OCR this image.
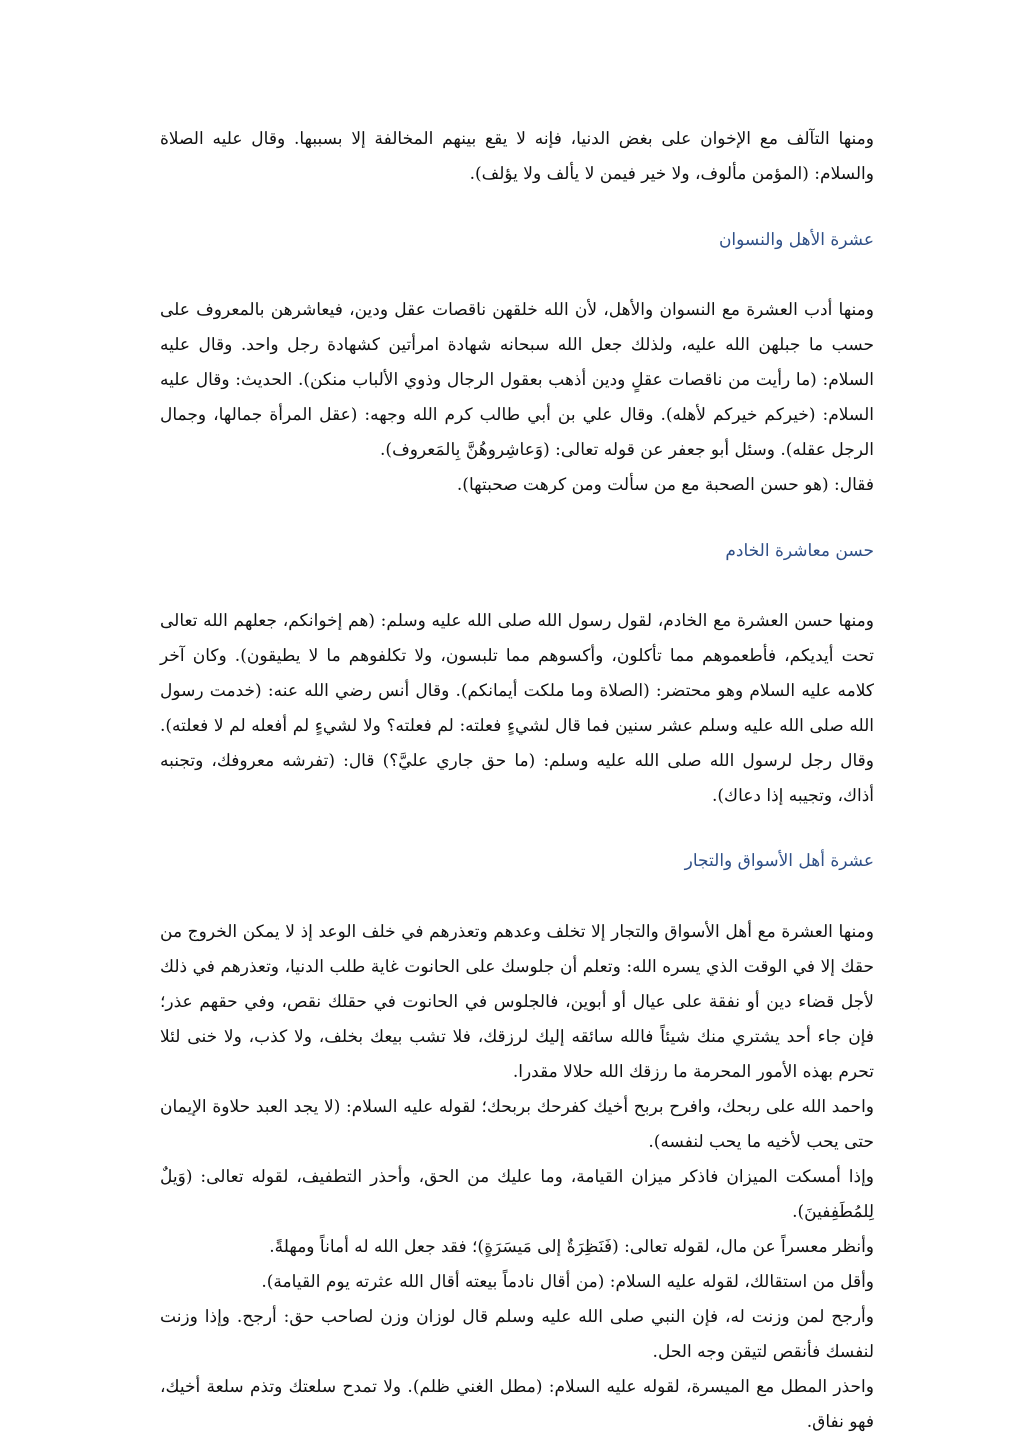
ومنها التآلف مع الإخوان على بغض الدنيا، فإنه لا يقع بينهم المخالفة إلا بسببها. وقال عليه الصلاة والسلام: (المؤمن مألوف، ولا خير فيمن لا يألف ولا يؤلف).

عشرة الأهل والنسوان

ومنها أدب العشرة مع النسوان والأهل، لأن الله خلقهن ناقصات عقل ودين، فيعاشرهن بالمعروف على حسب ما جبلهن الله عليه، ولذلك جعل الله سبحانه شهادة امرأتين كشهادة رجل واحد. وقال عليه السلام: (ما رأيت من ناقصات عقلٍ ودين أذهب بعقول الرجال وذوي الألباب منكن). الحديث: وقال عليه السلام: (خيركم خيركم لأهله). وقال علي بن أبي طالب كرم الله وجهه: (عقل المرأة جمالها، وجمال الرجل عقله). وسئل أبو جعفر عن قوله تعالى: (وَعاشِروهُنَّ بِالمَعروف).

فقال: (هو حسن الصحبة مع من سألت ومن كرهت صحبتها).

حسن معاشرة الخادم

ومنها حسن العشرة مع الخادم، لقول رسول الله صلى الله عليه وسلم: (هم إخوانكم، جعلهم الله تعالى تحت أيديكم، فأطعموهم مما تأكلون، وأكسوهم مما تلبسون، ولا تكلفوهم ما لا يطيقون). وكان آخر كلامه عليه السلام وهو محتضر: (الصلاة وما ملكت أيمانكم). وقال أنس رضي الله عنه: (خدمت رسول الله صلى الله عليه وسلم عشر سنين فما قال لشيءٍ فعلته: لم فعلته؟ ولا لشيءٍ لم أفعله لم لا فعلته). وقال رجل لرسول الله صلى الله عليه وسلم: (ما حق جاري عليَّ؟) قال: (تفرشه معروفك، وتجنبه أذاك، وتجيبه إذا دعاك).

عشرة أهل الأسواق والتجار

ومنها العشرة مع أهل الأسواق والتجار إلا تخلف وعدهم وتعذرهم في خلف الوعد إذ لا يمكن الخروج من حقك إلا في الوقت الذي يسره الله: وتعلم أن جلوسك على الحانوت غاية طلب الدنيا، وتعذرهم في ذلك لأجل قضاء دين أو نفقة على عيال أو أبوين، فالجلوس في الحانوت في حقلك نقص، وفي حقهم عذر؛ فإن جاء أحد يشتري منك شيئاً فالله سائقه إليك لرزقك، فلا تشب بيعك بخلف، ولا كذب، ولا خنى لئلا تحرم بهذه الأمور المحرمة ما رزقك الله حلالا مقدرا.

واحمد الله على ربحك، وافرح بربح أخيك كفرحك بربحك؛ لقوله عليه السلام: (لا يجد العبد حلاوة الإيمان حتى يحب لأخيه ما يحب لنفسه).

وإذا أمسكت الميزان فاذكر ميزان القيامة، وما عليك من الحق، وأحذر التطفيف، لقوله تعالى: (وَيلٌ لِلمُطَفِفينَ).

وأنظر معسراً عن مال، لقوله تعالى: (فَنَظِرَةٌ إلى مَيسَرَةٍ)؛ فقد جعل الله له أماناً ومهلةً.

وأقل من استقالك، لقوله عليه السلام: (من أقال نادماً بيعته أقال الله عثرته يوم القيامة).

وأرجح لمن وزنت له، فإن النبي صلى الله عليه وسلم قال لوزان وزن لصاحب حق: أرجح. وإذا وزنت لنفسك فأنقص لتيقن وجه الحل.

واحذر المطل مع الميسرة، لقوله عليه السلام: (مطل الغني ظلم). ولا تمدح سلعتك وتذم سلعة أخيك، فهو نفاق.
